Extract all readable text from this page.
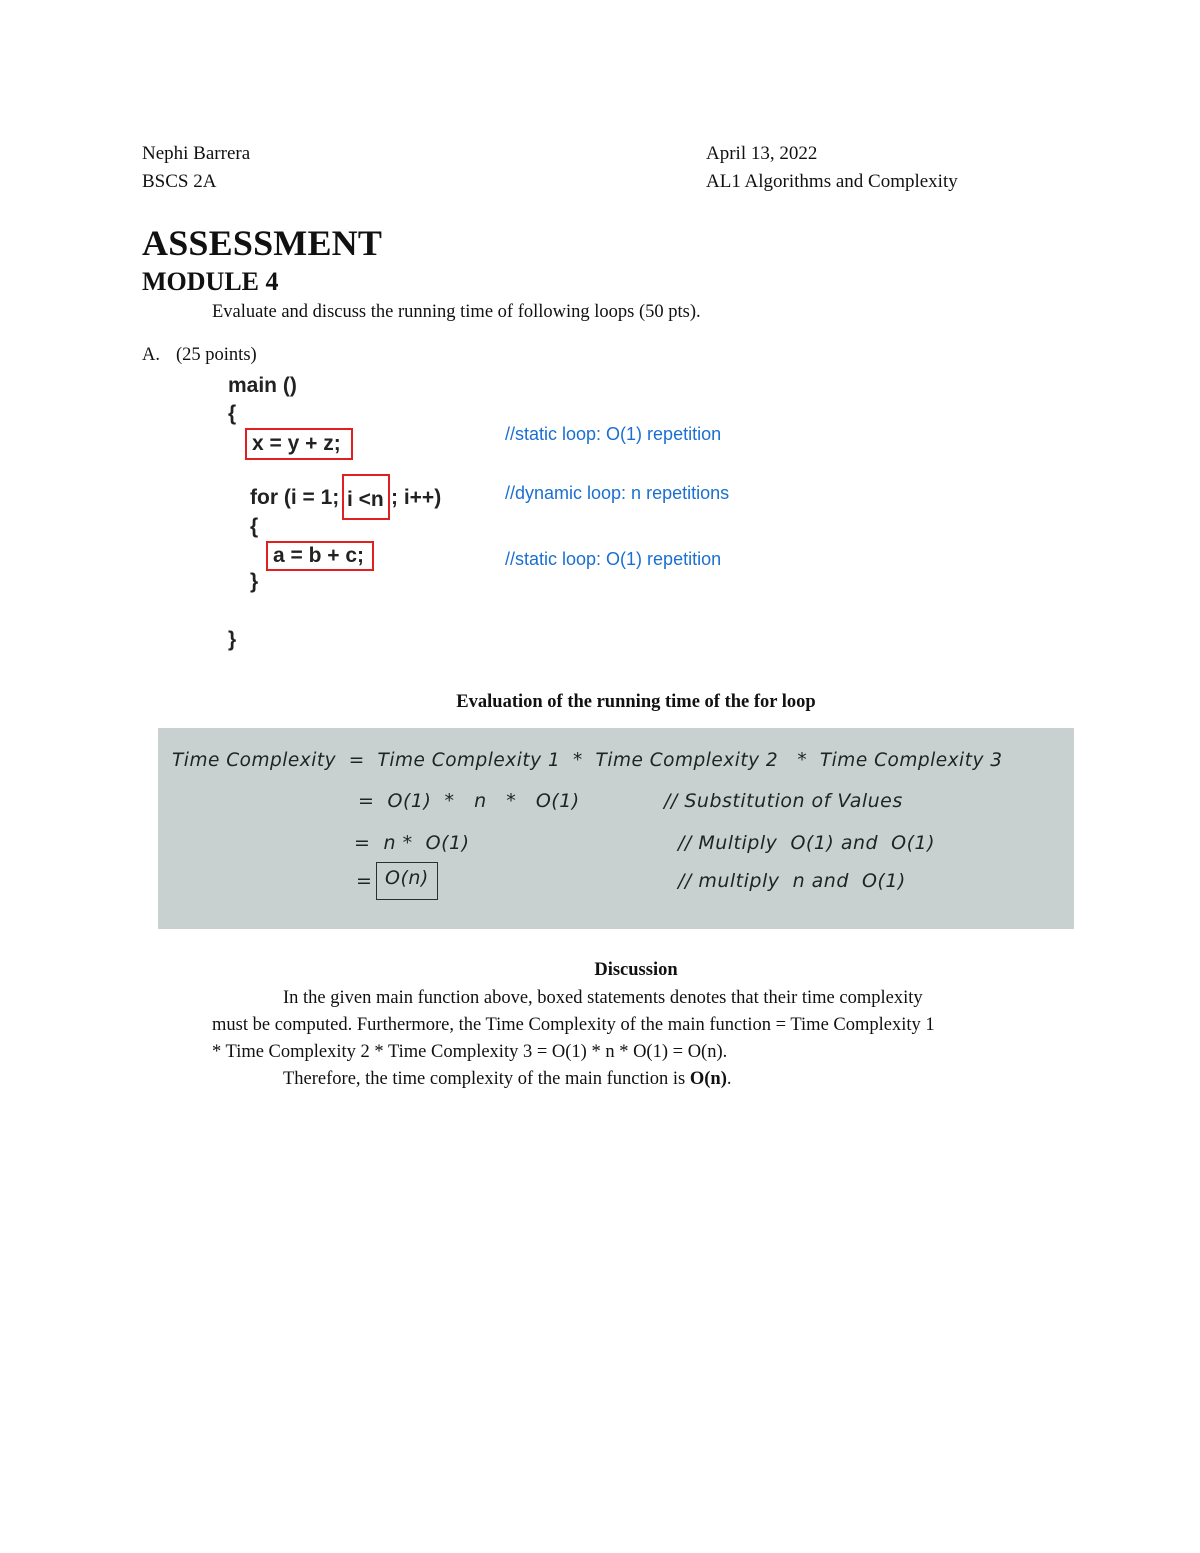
Nephi Barrera
BSCS 2A
April 13, 2022
AL1 Algorithms and Complexity
ASSESSMENT
MODULE 4
Evaluate and discuss the running time of following loops (50 pts).
A. (25 points)
main ()
{
x = y + z;
for (i = 1; i <n ; i++)
{
a = b + c;
}
}
//static loop: O(1) repetition
//dynamic loop: n repetitions
//static loop: O(1) repetition
Evaluation of the running time of the for loop
Time Complexity  =  Time Complexity 1  *  Time Complexity 2   *  Time Complexity 3
=  O(1)  *   n   *   O(1)	// Substitution of Values
=  n *  O(1)	// Multiply  O(1) and  O(1)
= O(n)	// multiply  n and  O(1)
Discussion
In the given main function above, boxed statements denotes that their time complexity
must be computed. Furthermore, the Time Complexity of the main function = Time Complexity 1
* Time Complexity 2 * Time Complexity 3 = O(1) * n * O(1) = O(n).
Therefore, the time complexity of the main function is O(n).
